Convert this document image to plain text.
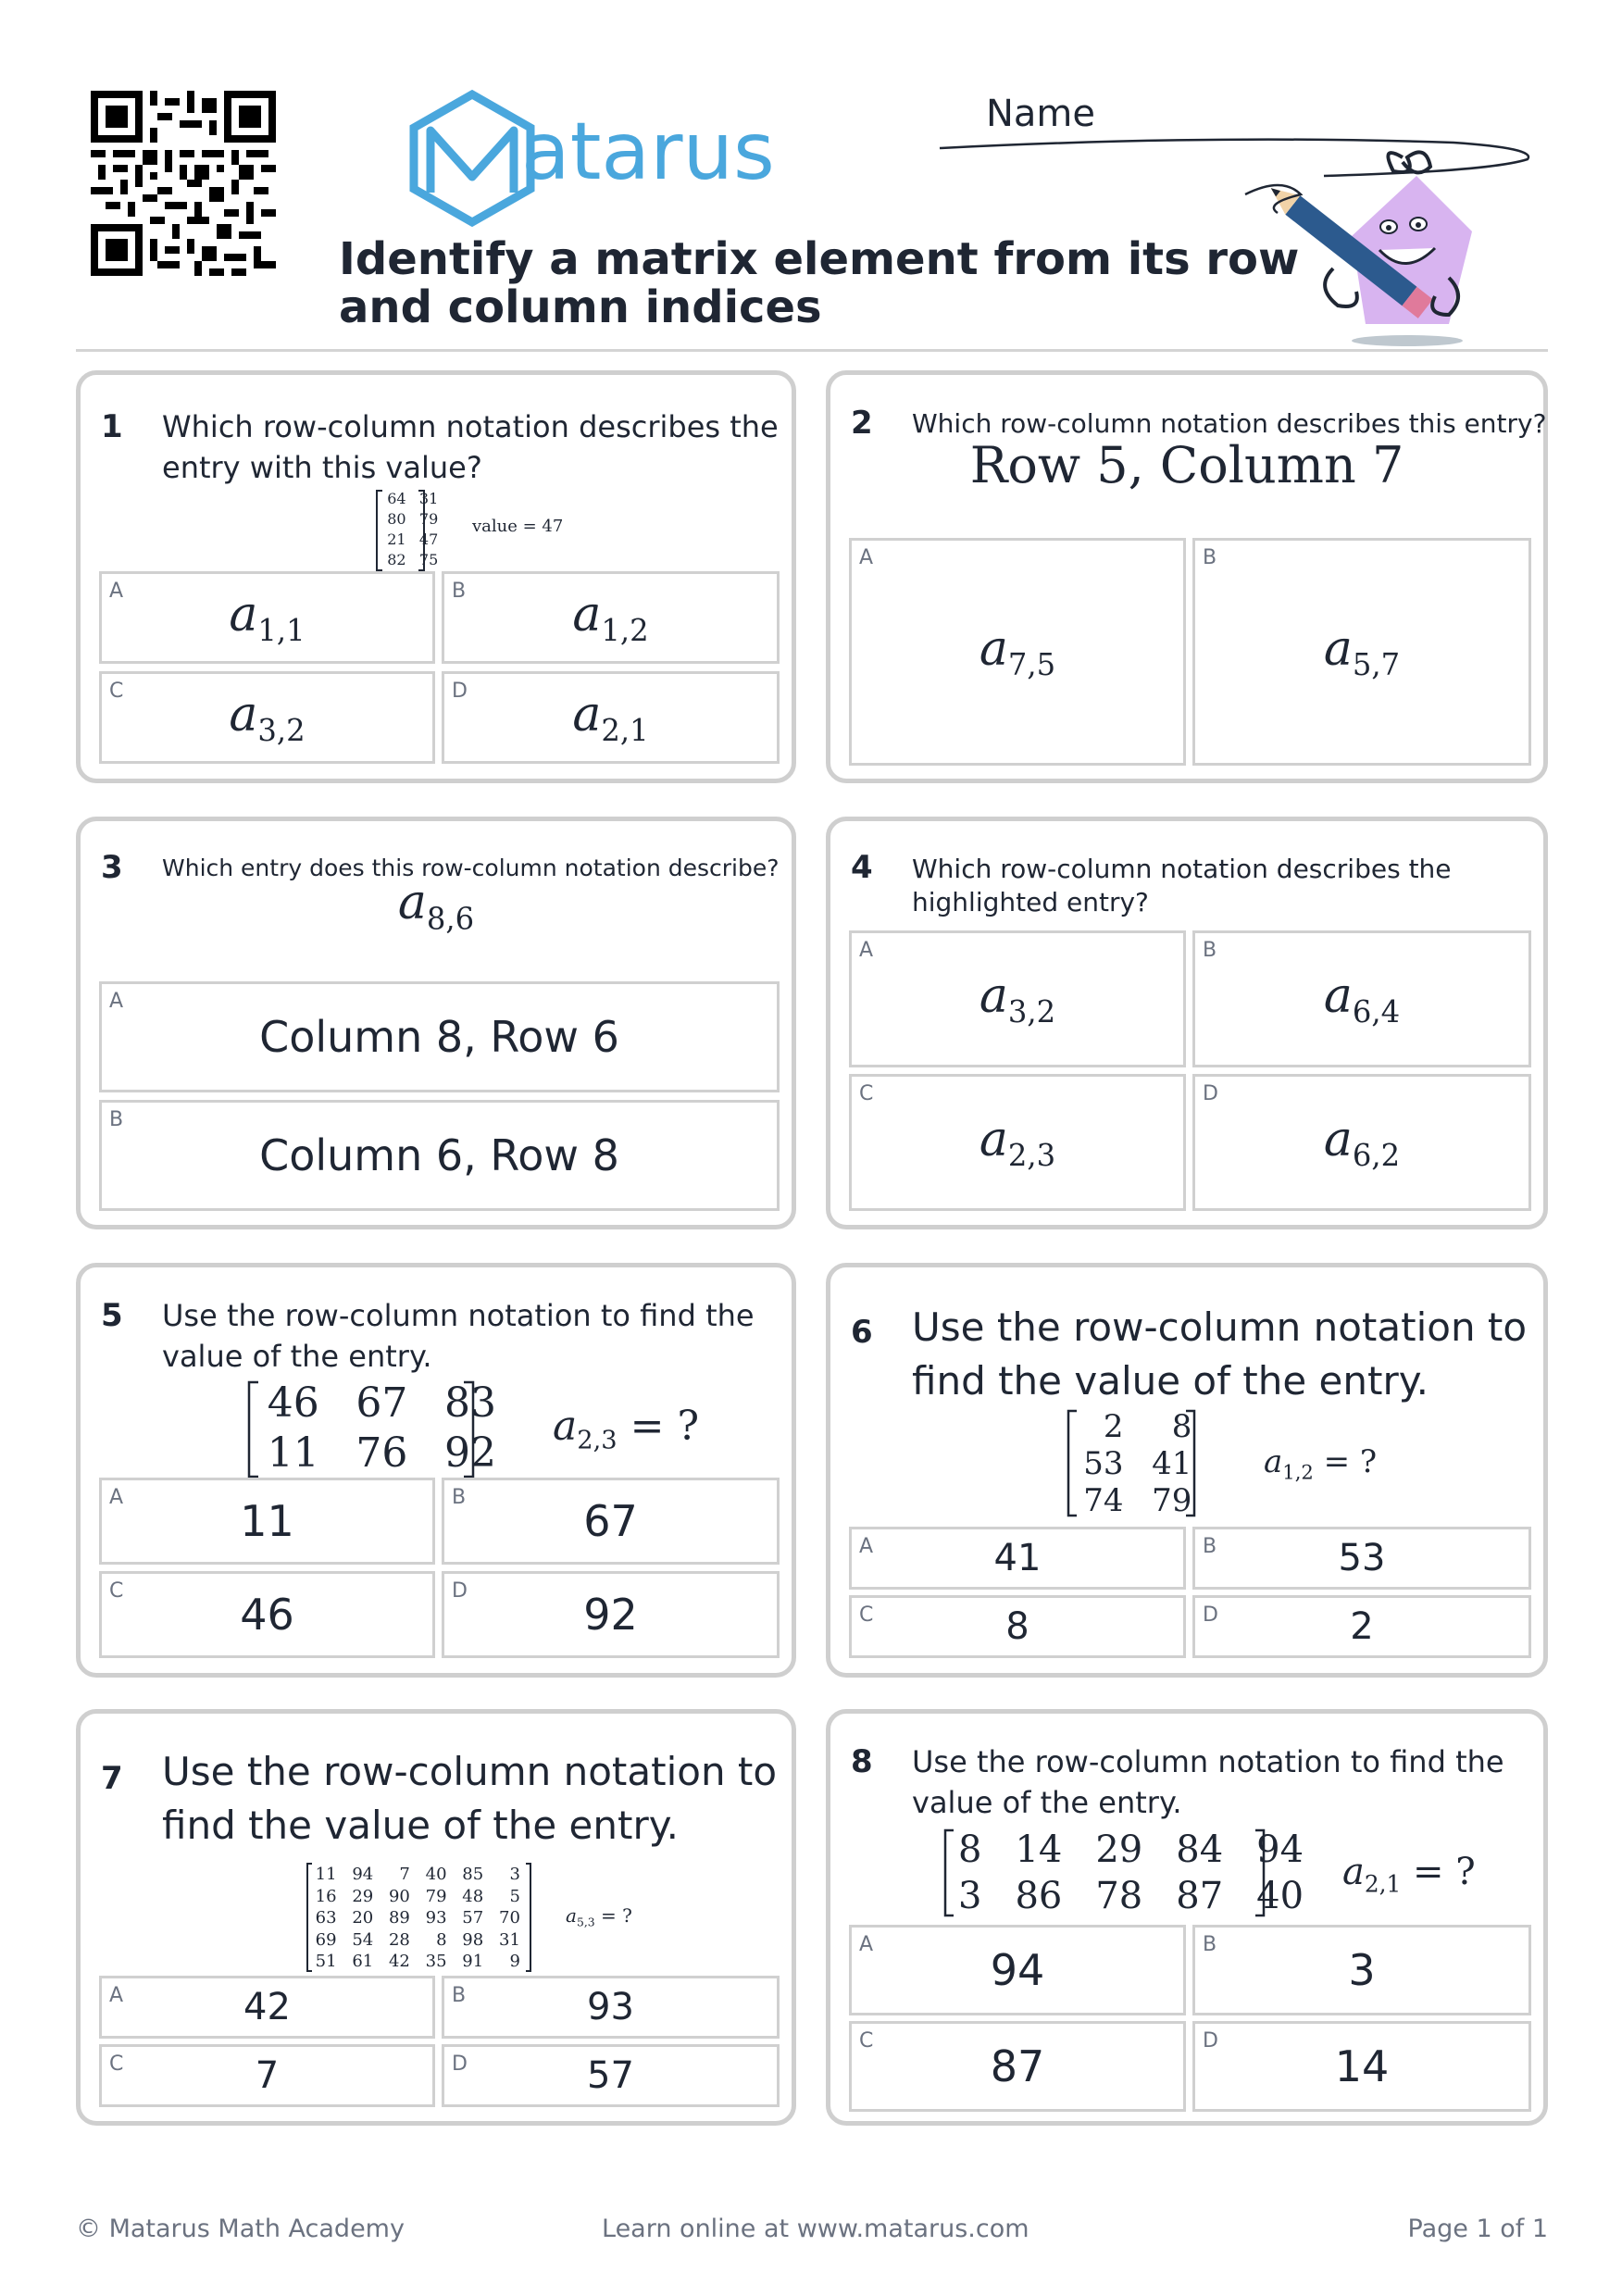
atarus	Name
Identify a matrix element from its row and column indices
1 Which row-column notation describes the entry with this value?
64	31
80	79
21	47
82	75
value = 47
A	$a_{1,1}$
B	$a_{1,2}$
C	$a_{3,2}$
D	$a_{2,1}$
2 Which row-column notation describes this entry?
Row 5, Column 7
A
$a_{7,5}$
B
$a_{5,7}$
3 Which entry does this row-column notation describe?
$a_{8,6}$
A
Column 8, Row 6
B
Column 6, Row 8
4 Which row-column notation describes the highlighted entry?
A
$a_{3,2}$
B
$a_{6,4}$
C
$a_{2,3}$
D
$a_{6,2}$
5 Use the row-column notation to find the value of the entry.
46	67	83
11	76	92
$a_{2,3}$ = ?
A	11	B	67
C	46	D	92
6 Use the row-column notation to find the value of the entry.
2	8
53	41
74	79
$a_{1,2}$ = ?
A	41	B	53
C	8	D	2
7 Use the row-column notation to find the value of the entry.
11	94	7	40	85	3
16	29	90	79	48	5
63	20	89	93	57	70
69	54	28	8	98	31
51	61	42	35	91	9
$a_{5,3}$ = ?
A	42	B	93
C	7	D	57
8 Use the row-column notation to find the value of the entry.
8	14	29	84	94
3	86	78	87	40
$a_{2,1}$ = ?
A
94
B
3
C
87
D
14
© Matarus Math Academy	Learn online at www.matarus.com	Page 1 of 1
